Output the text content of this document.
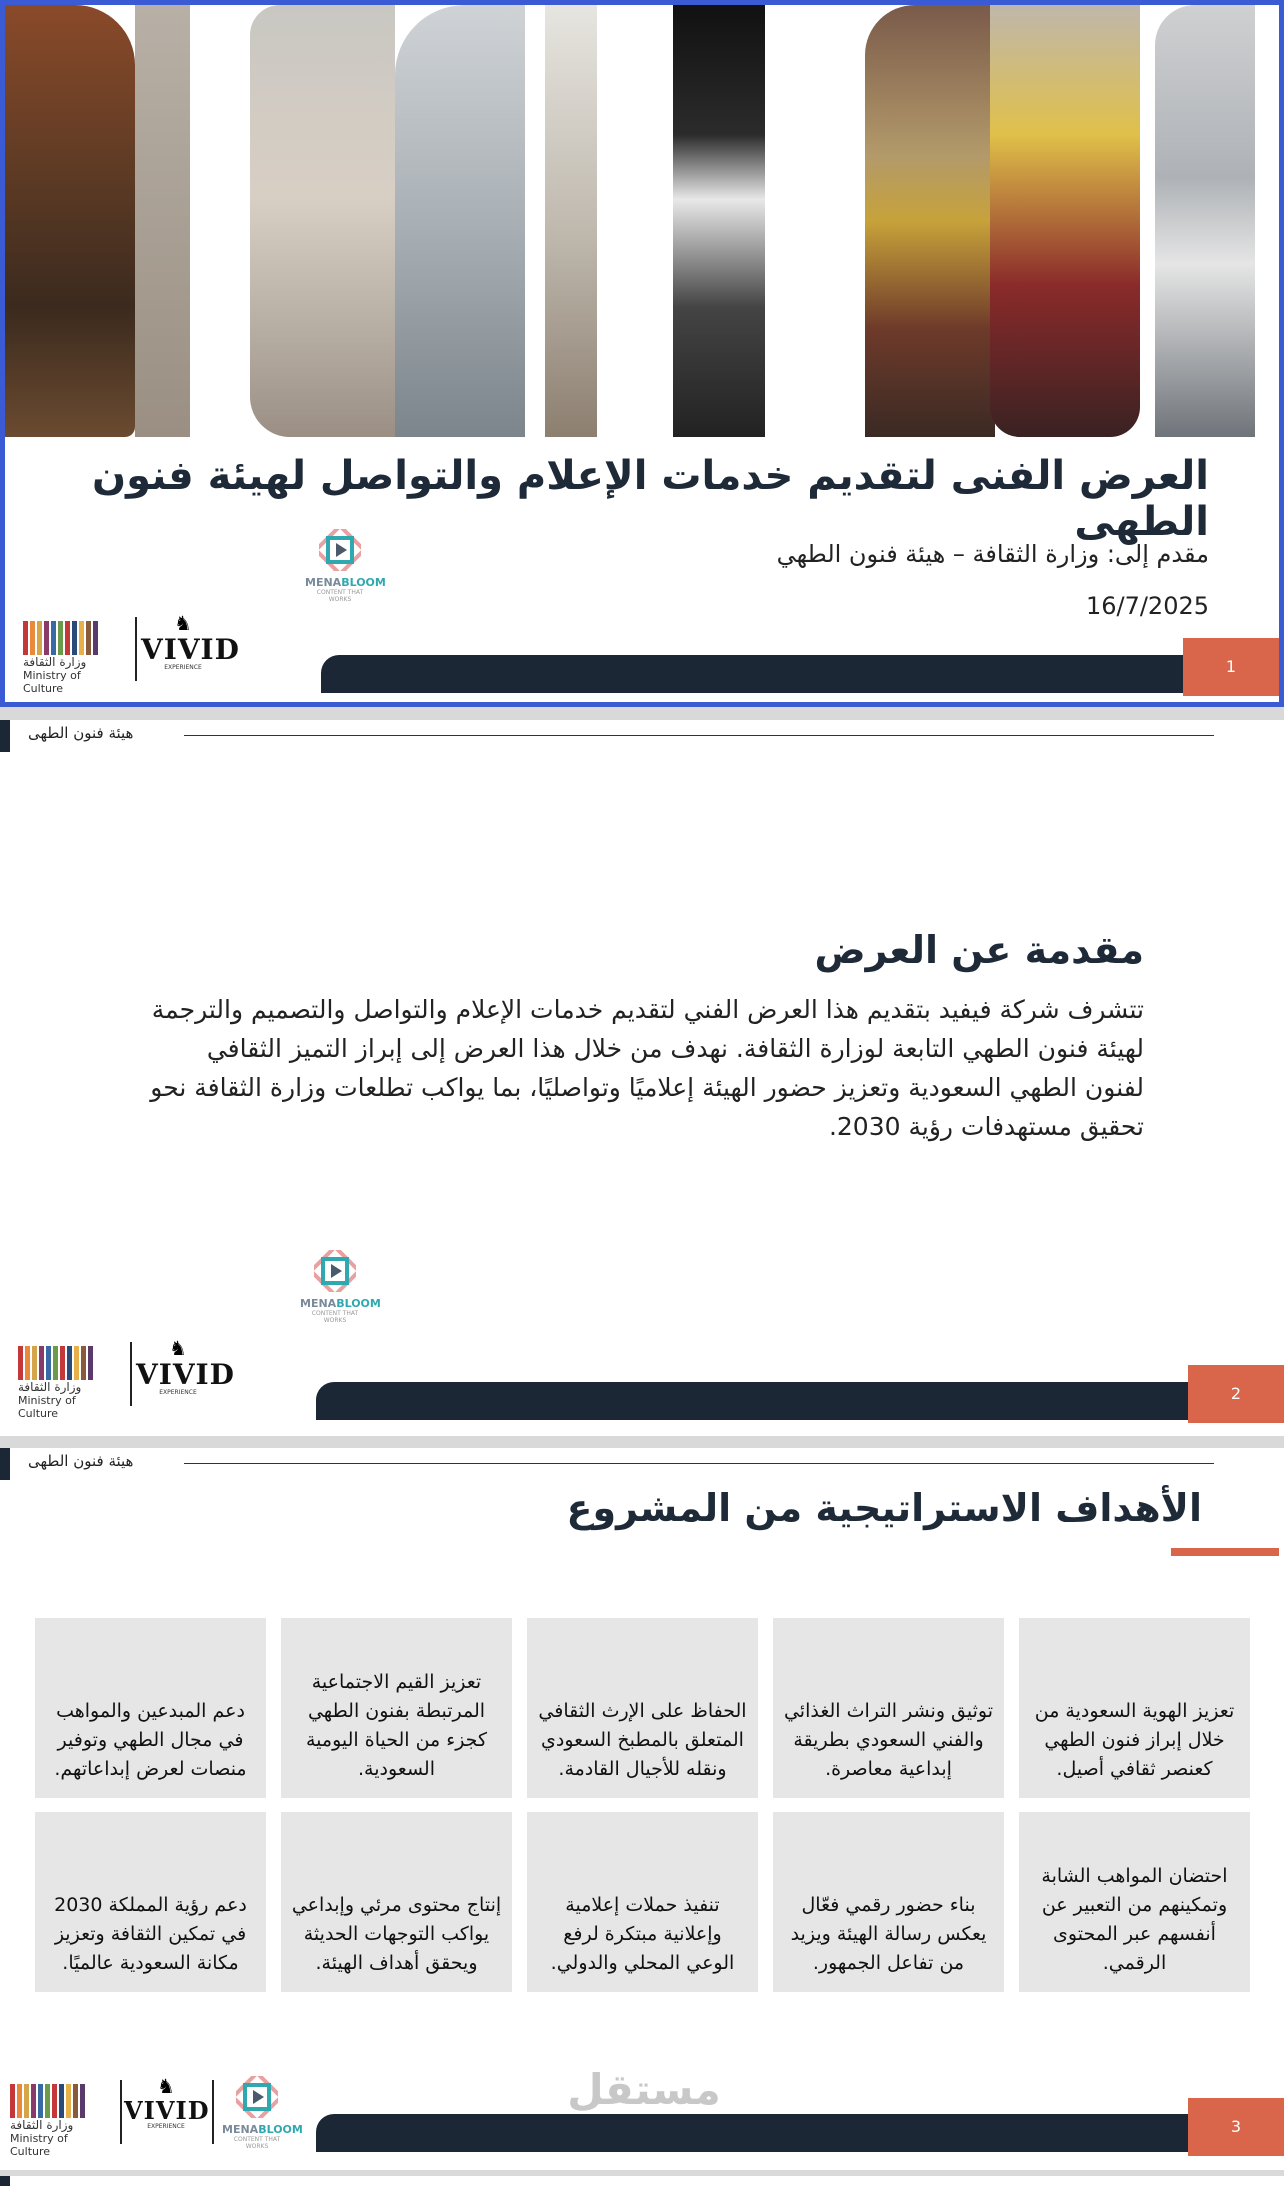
العرض الفنى لتقديم خدمات الإعلام والتواصل لهيئة فنون الطهى
مقدم إلى: وزارة الثقافة – هيئة فنون الطهي
16/7/2025
MENABLOOM
CONTENT THAT WORKS
وزارة الثقافة
Ministry of Culture
♞
VIVID
EXPERIENCE	1
هيئة فنون الطهى
مقدمة عن العرض
تتشرف شركة فيفيد بتقديم هذا العرض الفني لتقديم خدمات الإعلام والتواصل والتصميم والترجمة لهيئة فنون الطهي التابعة لوزارة الثقافة. نهدف من خلال هذا العرض إلى إبراز التميز الثقافي لفنون الطهي السعودية وتعزيز حضور الهيئة إعلاميًا وتواصليًا، بما يواكب تطلعات وزارة الثقافة نحو تحقيق مستهدفات رؤية 2030.
MENABLOOM
CONTENT THAT WORKS
وزارة الثقافة
Ministry of Culture
♞
VIVID
EXPERIENCE	2
هيئة فنون الطهى
الأهداف الاستراتيجية من المشروع
تعزيز الهوية السعودية من خلال إبراز فنون الطهي كعنصر ثقافي أصيل.
توثيق ونشر التراث الغذائي والفني السعودي بطريقة إبداعية معاصرة.
الحفاظ على الإرث الثقافي المتعلق بالمطبخ السعودي ونقله للأجيال القادمة.
تعزيز القيم الاجتماعية المرتبطة بفنون الطهي كجزء من الحياة اليومية السعودية.
دعم المبدعين والمواهب في مجال الطهي وتوفير منصات لعرض إبداعاتهم.
احتضان المواهب الشابة وتمكينهم من التعبير عن أنفسهم عبر المحتوى الرقمي.
بناء حضور رقمي فعّال يعكس رسالة الهيئة ويزيد من تفاعل الجمهور.
تنفيذ حملات إعلامية وإعلانية مبتكرة لرفع الوعي المحلي والدولي.
إنتاج محتوى مرئي وإبداعي يواكب التوجهات الحديثة ويحقق أهداف الهيئة.
دعم رؤية المملكة 2030 في تمكين الثقافة وتعزيز مكانة السعودية عالميًا.
وزارة الثقافة
Ministry of Culture
♞
VIVID
EXPERIENCE	MENABLOOM
CONTENT THAT WORKS
مستقل
3
